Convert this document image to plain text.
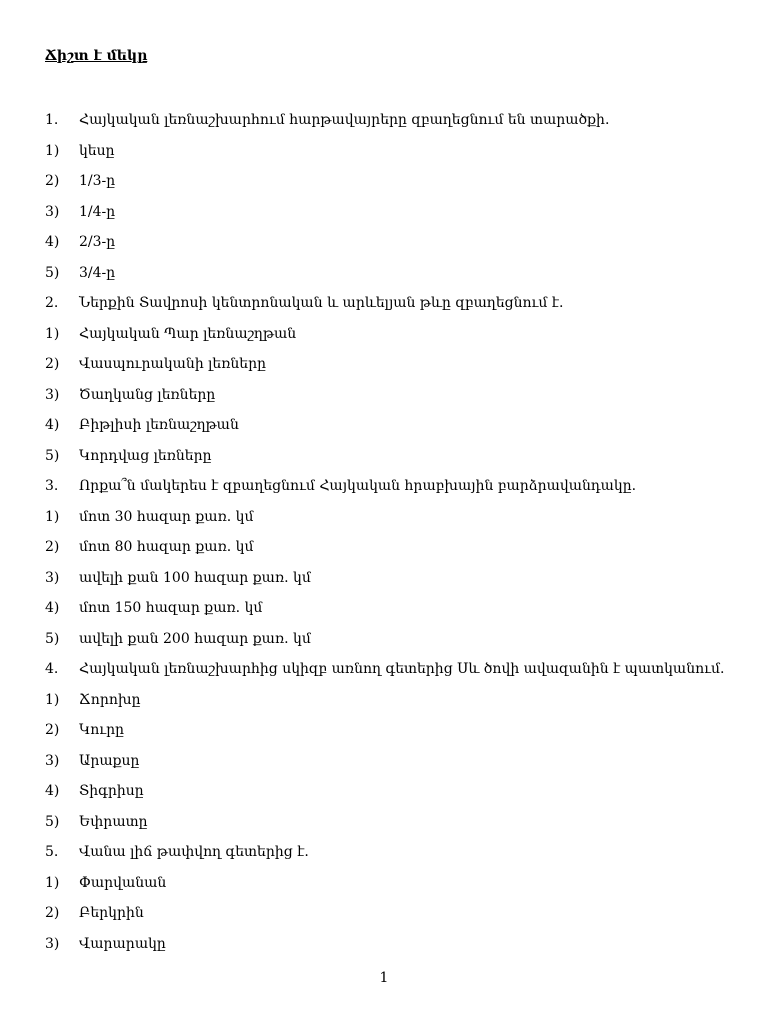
Ճիշտ է մեկը
1. Հայկական լեռնաշխարհում հարթավայրերը զբաղեցնում են տարածքի.
1) կեսը
2) 1/3-ը
3) 1/4-ը
4) 2/3-ը
5) 3/4-ը
2. Ներքին Տավրոսի կենտրոնական և արևելյան թևը զբաղեցնում է.
1) Հայկական Պար լեռնաշղթան
2) Վասպուրականի լեռները
3) Ծաղկանց լեռները
4) Բիթլիսի լեռնաշղթան
5) Կորդվաց լեռները
3. Որքա՞ն մակերես է զբաղեցնում Հայկական հրաբխային բարձրավանդակը.
1) մոտ 30 հազար քառ. կմ
2) մոտ 80 հազար քառ. կմ
3) ավելի քան 100 հազար քառ. կմ
4) մոտ 150 հազար քառ. կմ
5) ավելի քան 200 հազար քառ. կմ
4. Հայկական լեռնաշխարհից սկիզբ առնող գետերից Սև ծովի ավազանին է պատկանում.
1) Ճորոխը
2) Կուրը
3) Արաքսը
4) Տիգրիսը
5) Եփրատը
5. Վանա լիճ թափվող գետերից է.
1) Փարվանան
2) Բերկրին
3) Վարարակը
1
